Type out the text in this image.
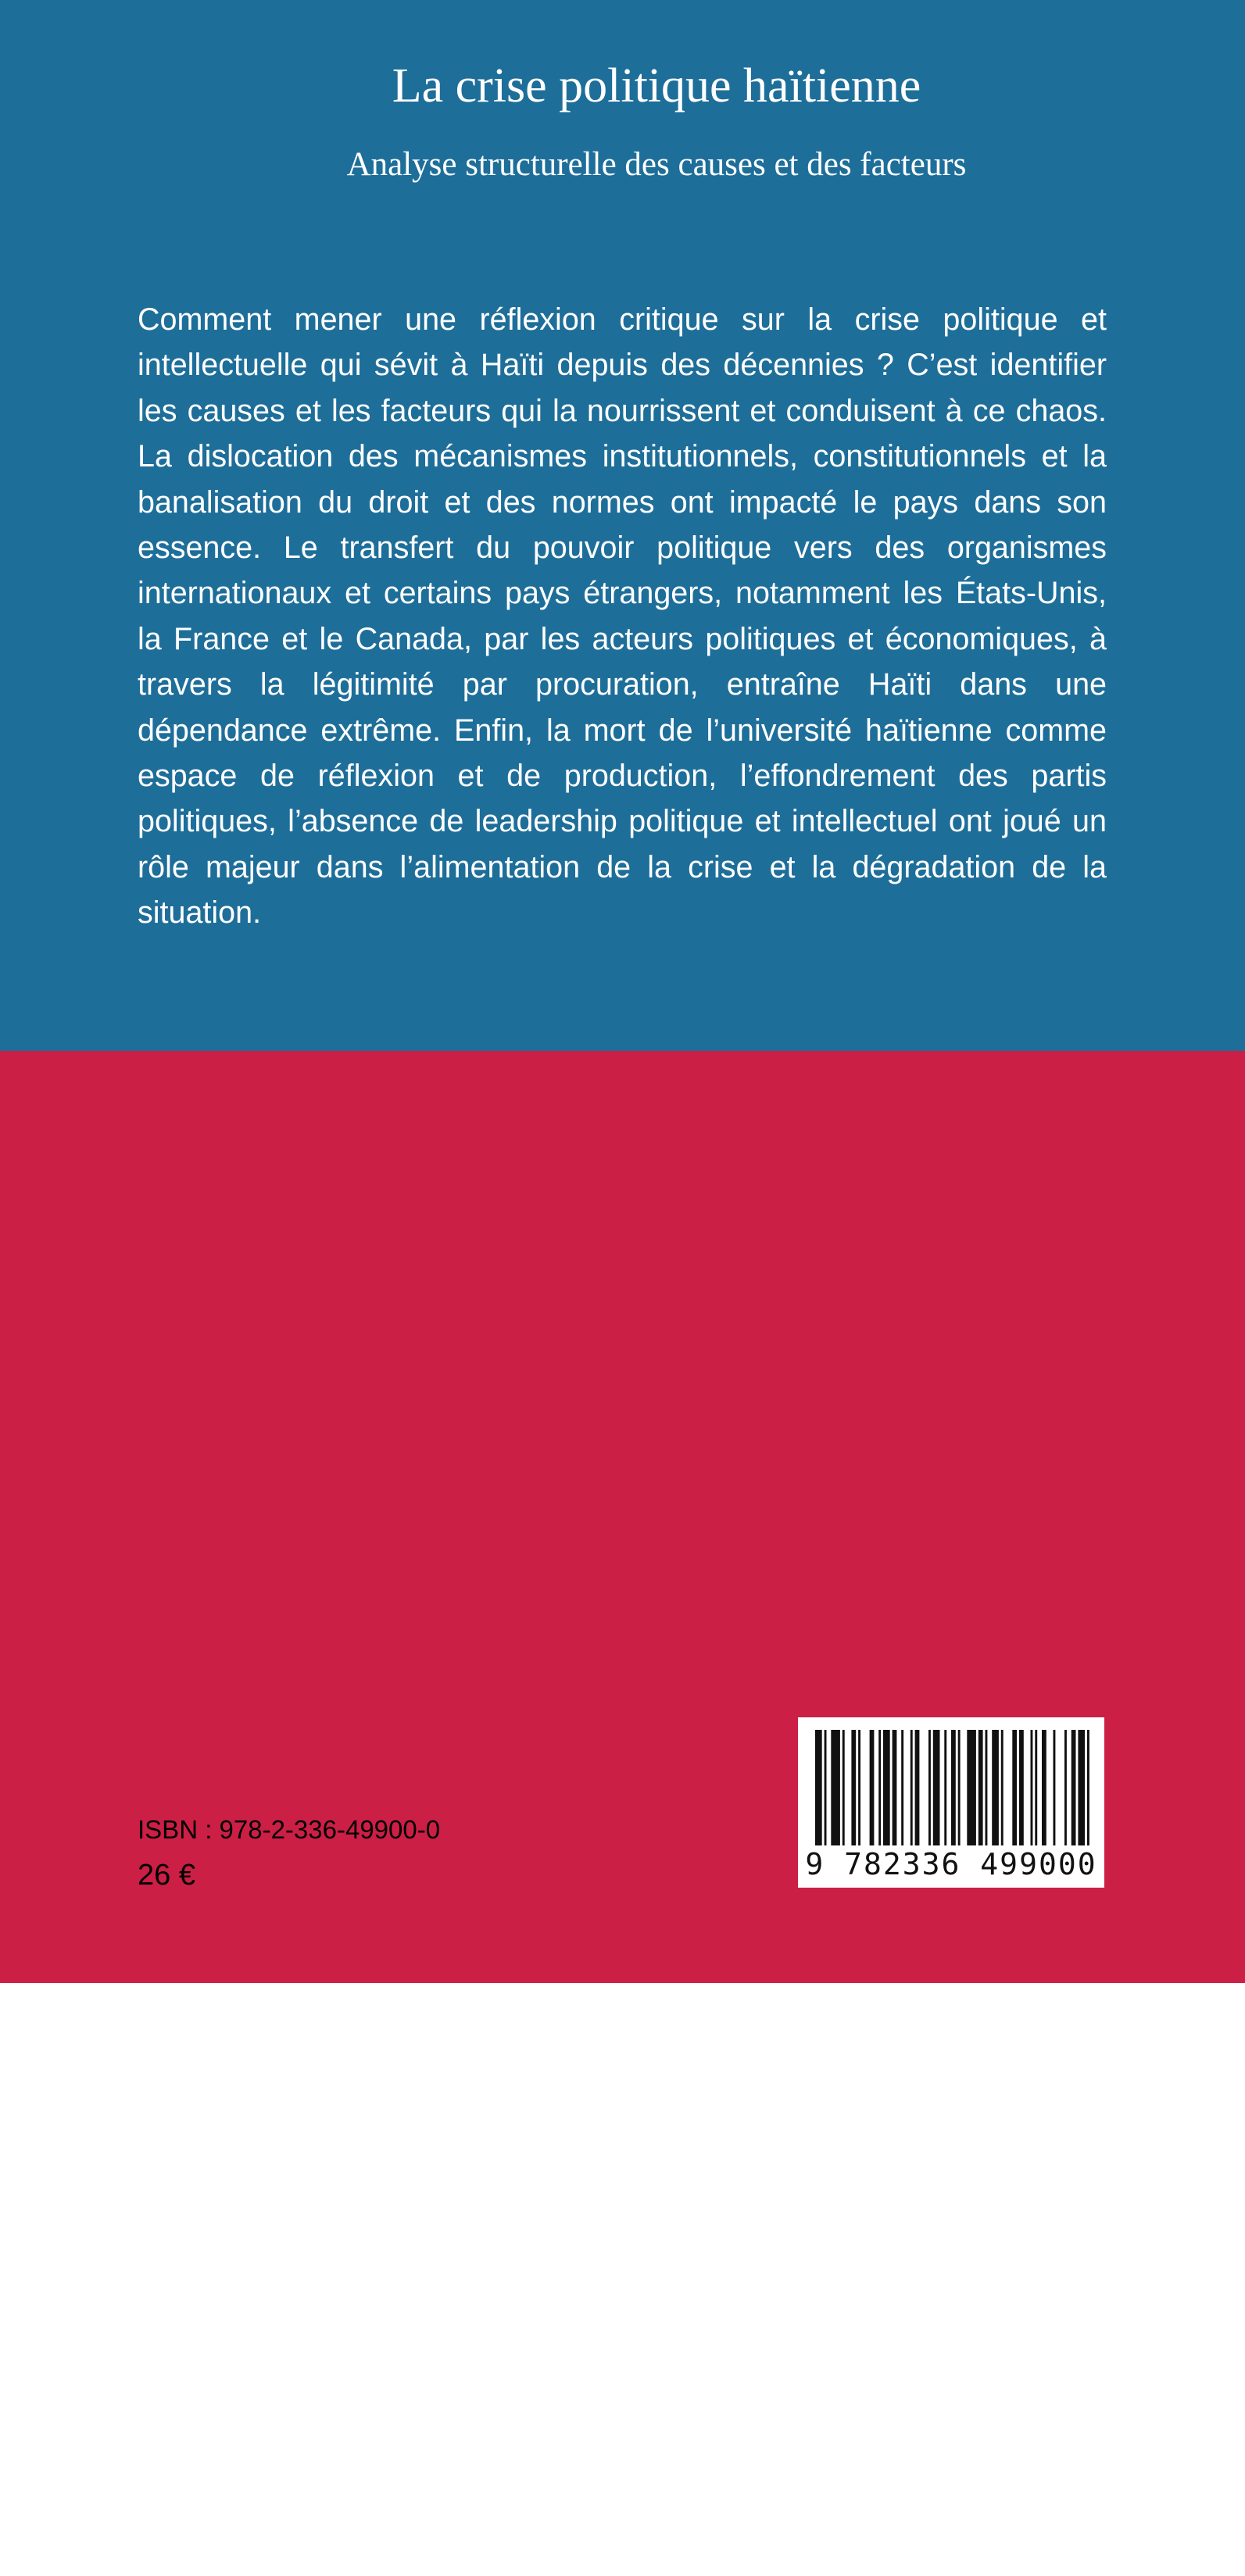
La crise politique haïtienne
Analyse structurelle des causes et des facteurs

Comment mener une réflexion critique sur la crise politique et intellectuelle qui sévit à Haïti depuis des décennies ? C’est identifier les causes et les facteurs qui la nourrissent et conduisent à ce chaos. La dislocation des mécanismes institutionnels, constitutionnels et la banalisation du droit et des normes ont impacté le pays dans son essence. Le transfert du pouvoir politique vers des organismes internationaux et certains pays étrangers, notamment les États-Unis, la France et le Canada, par les acteurs politiques et économiques, à travers la légitimité par procuration, entraîne Haïti dans une dépendance extrême. Enfin, la mort de l’université haïtienne comme espace de réflexion et de production, l’effondrement des partis politiques, l’absence de leadership politique et intellectuel ont joué un rôle majeur dans l’alimentation de la crise et la dégradation de la situation.

Eland Guerrier est titulaire d’une licence en droit de l’Université d’État d’Haïti, d’un master 2 en droit économique et des affaires de l’Université de Nice Sophia Antipolis et d’un doctorat en droit public de l’Université Côte d’Azur, en France. Il a été pendant trois ans directeur des facultés et écoles de province de l’UEH. Ex-conseiller politique de Dieudonné Lhérisson, président du Parti PLANSPA et ex-membre du bureau du Recteur Jean-Elie Gilles de l’UPSEJ, il est professeur de droit à l’UEH et président de Jenerasyon Wozo.

ISBN : 978-2-336-49900-0

26 €	9 782336 499000
